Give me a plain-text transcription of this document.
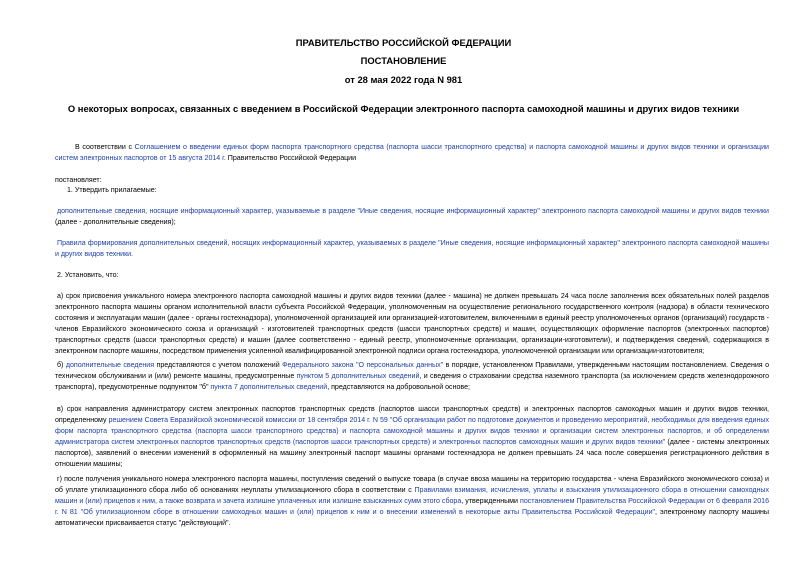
ПРАВИТЕЛЬСТВО РОССИЙСКОЙ ФЕДЕРАЦИИ
ПОСТАНОВЛЕНИЕ
от 28 мая 2022 года N 981
О некоторых вопросах, связанных с введением в Российской Федерации электронного паспорта самоходной машины и других видов техники
В соответствии с Соглашением о введении единых форм паспорта транспортного средства (паспорта шасси транспортного средства) и паспорта самоходной машины и других видов техники и организации систем электронных паспортов от 15 августа 2014 г. Правительство Российской Федерации
постановляет:
1. Утвердить прилагаемые:
дополнительные сведения, носящие информационный характер, указываемые в разделе "Иные сведения, носящие информационный характер" электронного паспорта самоходной машины и других видов техники (далее - дополнительные сведения);
Правила формирования дополнительных сведений, носящих информационный характер, указываемых в разделе "Иные сведения, носящие информационный характер" электронного паспорта самоходной машины и других видов техники.
2. Установить, что:
а) срок присвоения уникального номера электронного паспорта самоходной машины и других видов техники (далее - машина) не должен превышать 24 часа после заполнения всех обязательных полей разделов электронного паспорта машины органом исполнительной власти субъекта Российской Федерации, уполномоченным на осуществление регионального государственного контроля (надзора) в области технического состояния и эксплуатации машин (далее - органы гостехнадзора), уполномоченной организацией или организацией-изготовителем, включенными в единый реестр уполномоченных органов (организаций) государств - членов Евразийского экономического союза и организаций - изготовителей транспортных средств (шасси транспортных средств) и машин, осуществляющих оформление паспортов (электронных паспортов) транспортных средств (шасси транспортных средств) и машин (далее соответственно - единый реестр, уполномоченные организации, организации-изготовители), и подтверждения сведений, содержащихся в электронном паспорте машины, посредством применения усиленной квалифицированной электронной подписи органа гостехнадзора, уполномоченной организации или организации-изготовителя;
б) дополнительные сведения представляются с учетом положений Федерального закона "О персональных данных" в порядке, установленном Правилами, утвержденными настоящим постановлением. Сведения о техническом обслуживании и (или) ремонте машины, предусмотренные пунктом 5 дополнительных сведений, и сведения о страховании средства наземного транспорта (за исключением средств железнодорожного транспорта), предусмотренные подпунктом "б" пункта 7 дополнительных сведений, представляются на добровольной основе;
в) срок направления администратору систем электронных паспортов транспортных средств (паспортов шасси транспортных средств) и электронных паспортов самоходных машин и других видов техники, определенному решением Совета Евразийской экономической комиссии от 18 сентября 2014 г. N 59 "Об организации работ по подготовке документов и проведению мероприятий, необходимых для введения единых форм паспорта транспортного средства (паспорта шасси транспортного средства) и паспорта самоходной машины и других видов техники и организации систем электронных паспортов, и об определении администратора систем электронных паспортов транспортных средств (паспортов шасси транспортных средств) и электронных паспортов самоходных машин и других видов техники" (далее - системы электронных паспортов), заявлений о внесении изменений в оформленный на машину электронный паспорт машины органами гостехнадзора не должен превышать 24 часа после совершения регистрационного действия в отношении машины;
г) после получения уникального номера электронного паспорта машины, поступления сведений о выпуске товара (в случае ввоза машины на территорию государства - члена Евразийского экономического союза) и об уплате утилизационного сбора либо об основаниях неуплаты утилизационного сбора в соответствии с Правилами взимания, исчисления, уплаты и взыскания утилизационного сбора в отношении самоходных машин и (или) прицепов к ним, а также возврата и зачета излишне уплаченных или излишне взысканных сумм этого сбора, утвержденными постановлением Правительства Российской Федерации от 6 февраля 2016 г. N 81 "Об утилизационном сборе в отношении самоходных машин и (или) прицепов к ним и о внесении изменений в некоторые акты Правительства Российской Федерации", электронному паспорту машины автоматически присваивается статус "действующий".
